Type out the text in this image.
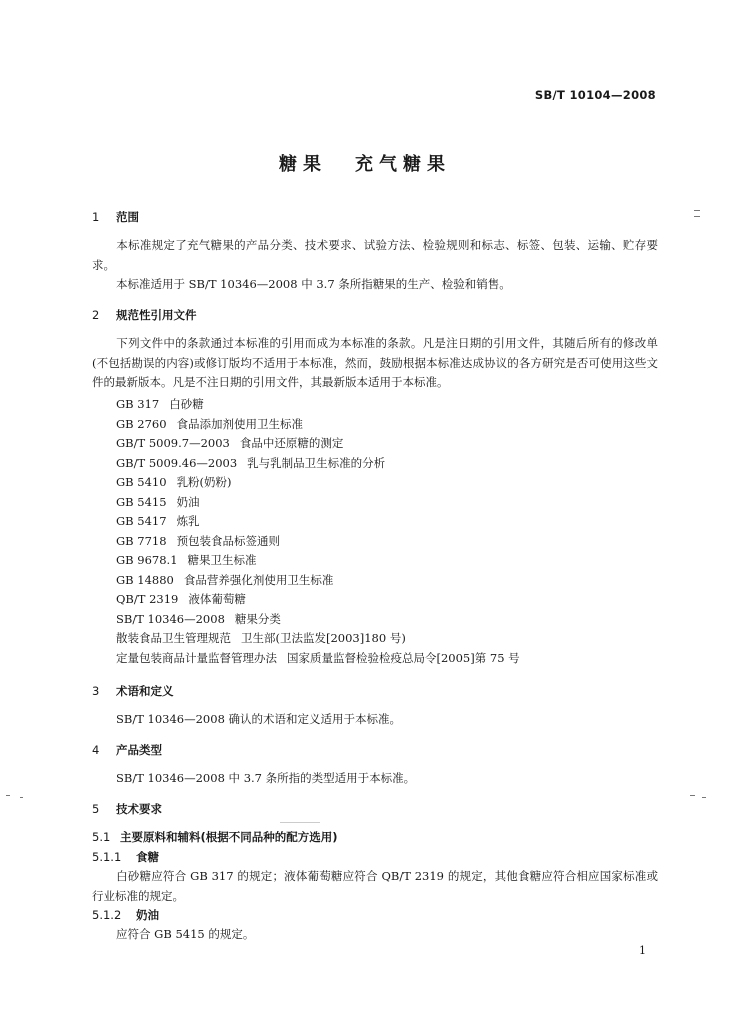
SB/T 10104—2008
糖果 充气糖果
1 范围
本标准规定了充气糖果的产品分类、技术要求、试验方法、检验规则和标志、标签、包装、运输、贮存要求。
本标准适用于 SB/T 10346—2008 中 3.7 条所指糖果的生产、检验和销售。
2 规范性引用文件
下列文件中的条款通过本标准的引用而成为本标准的条款。凡是注日期的引用文件，其随后所有的修改单(不包括勘误的内容)或修订版均不适用于本标准，然而，鼓励根据本标准达成协议的各方研究是否可使用这些文件的最新版本。凡是不注日期的引用文件，其最新版本适用于本标准。
GB 317 白砂糖
GB 2760 食品添加剂使用卫生标准
GB/T 5009.7—2003 食品中还原糖的测定
GB/T 5009.46—2003 乳与乳制品卫生标准的分析
GB 5410 乳粉(奶粉)
GB 5415 奶油
GB 5417 炼乳
GB 7718 预包装食品标签通则
GB 9678.1 糖果卫生标准
GB 14880 食品营养强化剂使用卫生标准
QB/T 2319 液体葡萄糖
SB/T 10346—2008 糖果分类
散装食品卫生管理规范 卫生部(卫法监发[2003]180 号)
定量包装商品计量监督管理办法 国家质量监督检验检疫总局令[2005]第 75 号
3 术语和定义
SB/T 10346—2008 确认的术语和定义适用于本标准。
4 产品类型
SB/T 10346—2008 中 3.7 条所指的类型适用于本标准。
5 技术要求
5.1 主要原料和辅料(根据不同品种的配方选用)
5.1.1 食糖
白砂糖应符合 GB 317 的规定；液体葡萄糖应符合 QB/T 2319 的规定，其他食糖应符合相应国家标准或行业标准的规定。
5.1.2 奶油
应符合 GB 5415 的规定。
1
